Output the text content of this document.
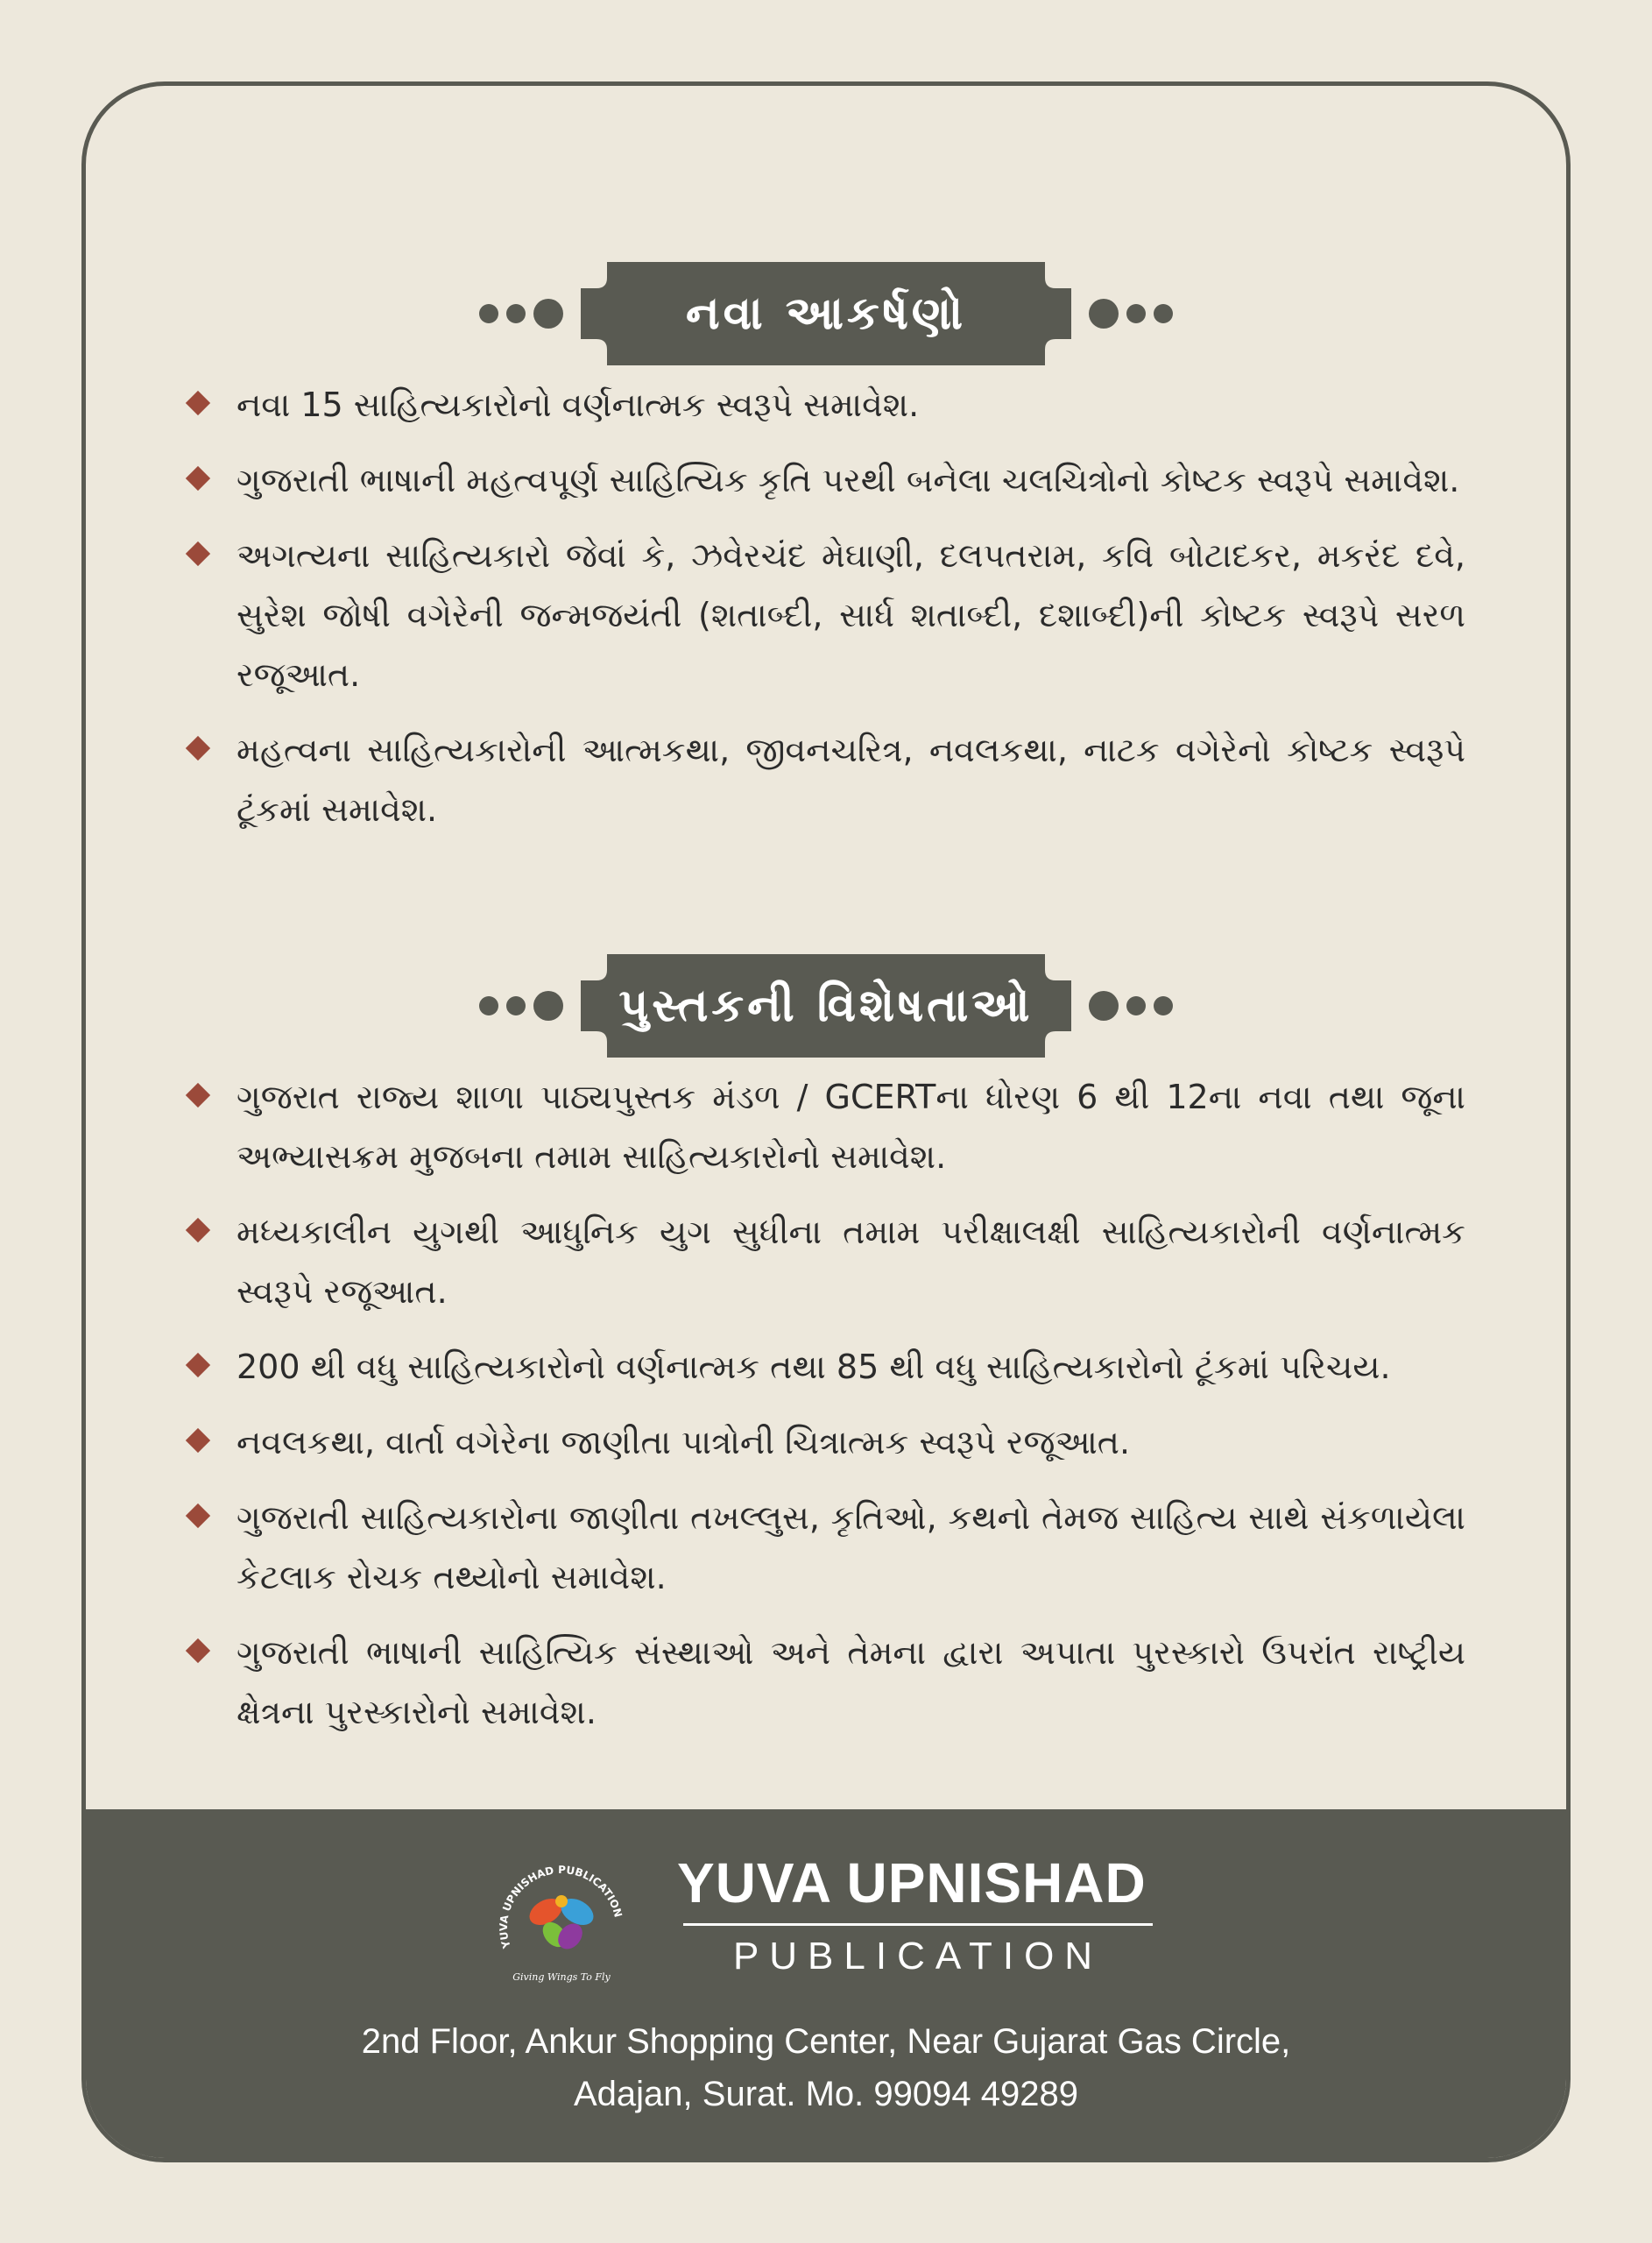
નવા આકર્ષણો
નવા 15 સાહિત્યકારોનો વર્ણનાત્મક સ્વરૂપે સમાવેશ.
ગુજરાતી ભાષાની મહત્વપૂર્ણ સાહિત્યિક કૃતિ પરથી બનેલા ચલચિત્રોનો કોષ્ટક સ્વરૂપે સમાવેશ.
અગત્યના સાહિત્યકારો જેવાં કે, ઝવેરચંદ મેઘાણી, દલપતરામ, કવિ બોટાદકર, મકરંદ દવે, સુરેશ જોષી વગેરેની જન્મજયંતી (શતાબ્દી, સાર્ધ શતાબ્દી, દશાબ્દી)ની કોષ્ટક સ્વરૂપે સરળ રજૂઆત.
મહત્વના સાહિત્યકારોની આત્મકથા, જીવનચરિત્ર, નવલકથા, નાટક વગેરેનો કોષ્ટક સ્વરૂપે ટૂંકમાં સમાવેશ.
પુસ્તકની વિશેષતાઓ
ગુજરાત રાજ્ય શાળા પાઠ્યપુસ્તક મંડળ / GCERTના ધોરણ 6 થી 12ના નવા તથા જૂના અભ્યાસક્રમ મુજબના તમામ સાહિત્યકારોનો સમાવેશ.
મધ્યકાલીન યુગથી આધુનિક યુગ સુધીના તમામ પરીક્ષાલક્ષી સાહિત્યકારોની વર્ણનાત્મક સ્વરૂપે રજૂઆત.
200 થી વધુ સાહિત્યકારોનો વર્ણનાત્મક તથા 85 થી વધુ સાહિત્યકારોનો ટૂંકમાં પરિચય.
નવલકથા, વાર્તા વગેરેના જાણીતા પાત્રોની ચિત્રાત્મક સ્વરૂપે રજૂઆત.
ગુજરાતી સાહિત્યકારોના જાણીતા તખલ્લુસ, કૃતિઓ, કથનો તેમજ સાહિત્ય સાથે સંકળાયેલા કેટલાક રોચક તથ્યોનો સમાવેશ.
ગુજરાતી ભાષાની સાહિત્યિક સંસ્થાઓ અને તેમના દ્વારા અપાતા પુરસ્કારો ઉપરાંત રાષ્ટ્રીય ક્ષેત્રના પુરસ્કારોનો સમાવેશ.
YUVA UPNISHAD PUBLICATION
Giving Wings To Fly
YUVA UPNISHAD
PUBLICATION
2nd Floor, Ankur Shopping Center, Near Gujarat Gas Circle,
Adajan, Surat. Mo. 99094 49289
